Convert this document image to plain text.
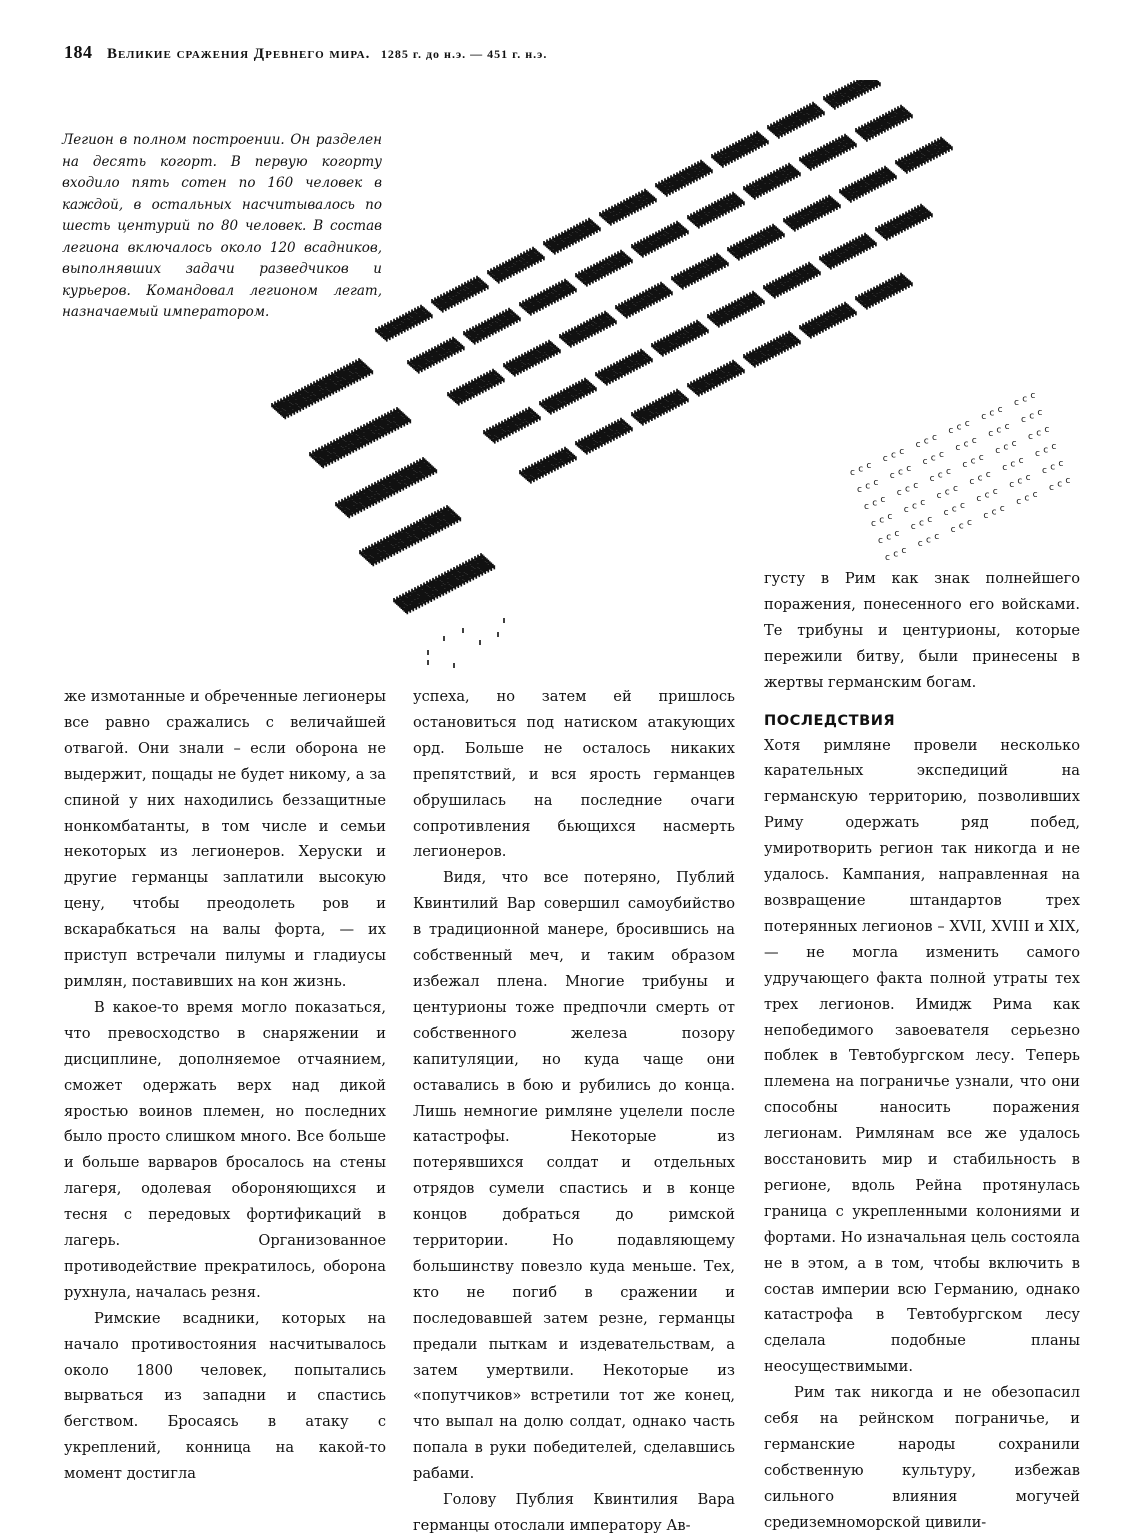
184 Великие сражения Древнего мира. 1285 г. до н.э. — 451 г. н.э.

Легион в полном построении. Он разделен на десять когорт. В первую когорту входило пять сотен по 160 человек в каждой, в остальных насчитывалось по шесть центурий по 80 человек. В состав легиона включалось около 120 всадников, выполнявших задачи разведчиков и курьеров. Командовал легионом легат, назначаемый императором.

c c c
c c c
c c c
c c c
c c c
c c c
c c c
c c c
c c c
c c c
c c c
c c c
c c c
c c c
c c c
c c c
c c c
c c c
c c c
c c c
c c c
c c c
c c c
c c c
c c c
c c c
c c c
c c c
c c c
c c c
c c c
c c c
c c c
c c c
c c c
c c c

же измотанные и обреченные легионеры все равно сражались с величайшей отвагой. Они знали – если оборона не выдержит, пощады не будет никому, а за спиной у них находились беззащитные нонкомбатанты, в том числе и семьи некоторых из легионеров. Херуски и другие германцы заплатили высокую цену, чтобы преодолеть ров и вскарабкаться на валы форта, — их приступ встречали пилумы и гладиусы римлян, поставивших на кон жизнь.

В какое-то время могло показаться, что превосходство в снаряжении и дисциплине, дополняемое отчаянием, сможет одержать верх над дикой яростью воинов племен, но последних было просто слишком много. Все больше и больше варваров бросалось на стены лагеря, одолевая обороняющихся и тесня с передовых фортификаций в лагерь. Организованное противодействие прекратилось, оборона рухнула, началась резня.

Римские всадники, которых на начало противостояния насчитывалось около 1800 человек, попытались вырваться из западни и спастись бегством. Бросаясь в атаку с укреплений, конница на какой-то момент достигла

успеха, но затем ей пришлось остановиться под натиском атакующих орд. Больше не осталось никаких препятствий, и вся ярость германцев обрушилась на последние очаги сопротивления бьющихся насмерть легионеров.

Видя, что все потеряно, Публий Квинтилий Вар совершил самоубийство в традиционной манере, бросившись на собственный меч, и таким образом избежал плена. Многие трибуны и центурионы тоже предпочли смерть от собственного железа позору капитуляции, но куда чаще они оставались в бою и рубились до конца. Лишь немногие римляне уцелели после катастрофы. Некоторые из потерявшихся солдат и отдельных отрядов сумели спастись и в конце концов добраться до римской территории. Но подавляющему большинству повезло куда меньше. Тех, кто не погиб в сражении и последовавшей затем резне, германцы предали пыткам и издевательствам, а затем умертвили. Некоторые из «попутчиков» встретили тот же конец, что выпал на долю солдат, однако часть попала в руки победителей, сделавшись рабами.

Голову Публия Квинтилия Вара германцы отослали императору Ав-

густу в Рим как знак полнейшего поражения, понесенного его войсками. Те трибуны и центурионы, которые пережили битву, были принесены в жертвы германским богам.

ПОСЛЕДСТВИЯ

Хотя римляне провели несколько карательных экспедиций на германскую территорию, позволивших Риму одержать ряд побед, умиротворить регион так никогда и не удалось. Кампания, направленная на возвращение штандартов трех потерянных легионов – XVII, XVIII и XIX, — не могла изменить самого удручающего факта полной утраты тех трех легионов. Имидж Рима как непобедимого завоевателя серьезно поблек в Тевтобургском лесу. Теперь племена на пограничье узнали, что они способны наносить поражения легионам. Римлянам все же удалось восстановить мир и стабильность в регионе, вдоль Рейна протянулась граница с укрепленными колониями и фортами. Но изначальная цель состояла не в этом, а в том, чтобы включить в состав империи всю Германию, однако катастрофа в Тевтобургском лесу сделала подобные планы неосуществимыми.

Рим так никогда и не обезопасил себя на рейнском пограничье, и германские народы сохранили собственную культуру, избежав сильного влияния могучей средиземноморской цивили-
